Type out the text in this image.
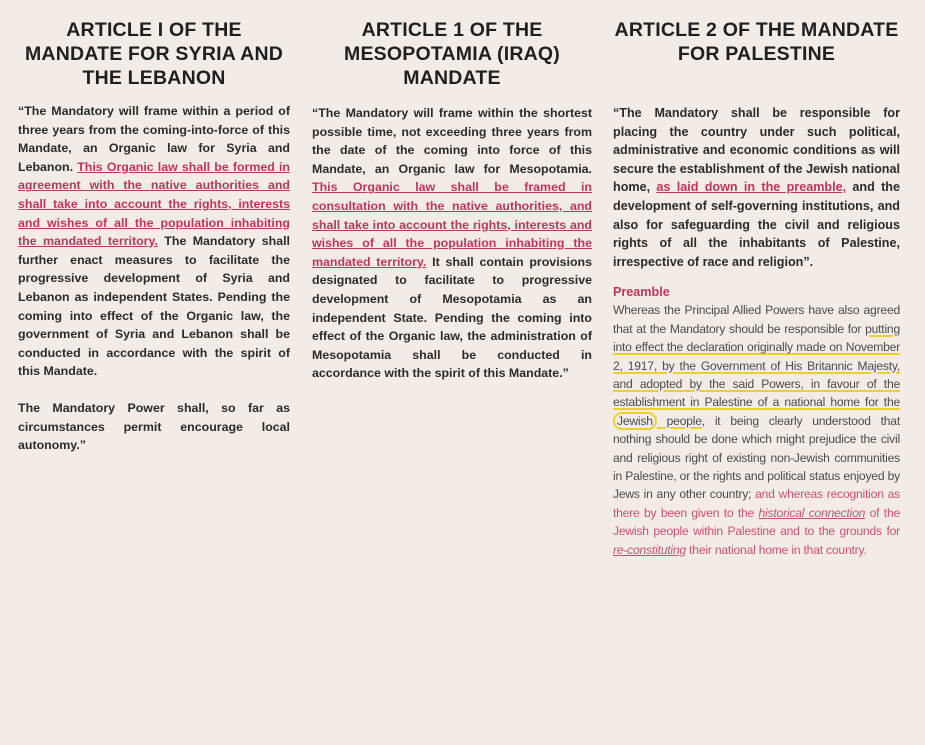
ARTICLE I OF THE MANDATE FOR SYRIA AND THE LEBANON

“The Mandatory will frame within a period of three years from the coming-into-force of this Mandate, an Organic law for Syria and Lebanon. This Organic law shall be formed in agreement with the native authorities and shall take into account the rights, interests and wishes of all the population inhabiting the mandated territory. The Mandatory shall further enact measures to facilitate the progressive development of Syria and Lebanon as independent States. Pending the coming into effect of the Organic law, the government of Syria and Lebanon shall be conducted in accordance with the spirit of this Mandate.

The Mandatory Power shall, so far as circumstances permit encourage local autonomy.”

ARTICLE 1 OF THE MESOPOTAMIA (IRAQ) MANDATE

“The Mandatory will frame within the shortest possible time, not exceeding three years from the date of the coming into force of this Mandate, an Organic law for Mesopotamia. This Organic law shall be framed in consultation with the native authorities, and shall take into account the rights, interests and wishes of all the population inhabiting the mandated territory. It shall contain provisions designated to facilitate to progressive development of Mesopotamia as an independent State. Pending the coming into effect of the Organic law, the administration of Mesopotamia shall be conducted in accordance with the spirit of this Mandate.”

ARTICLE 2 OF THE MANDATE FOR PALESTINE

“The Mandatory shall be responsible for placing the country under such political, administrative and economic conditions as will secure the establishment of the Jewish national home, as laid down in the preamble, and the development of self-governing institutions, and also for safeguarding the civil and religious rights of all the inhabitants of Palestine, irrespective of race and religion”.

Preamble

Whereas the Principal Allied Powers have also agreed that at the Mandatory should be responsible for putting into effect the declaration originally made on November 2, 1917, by the Government of His Britannic Majesty, and adopted by the said Powers, in favour of the establishment in Palestine of a national home for the Jewish people, it being clearly understood that nothing should be done which might prejudice the civil and religious right of existing non-Jewish communities in Palestine, or the rights and political status enjoyed by Jews in any other country; and whereas recognition as there by been given to the historical connection of the Jewish people within Palestine and to the grounds for re-constituting their national home in that country.
